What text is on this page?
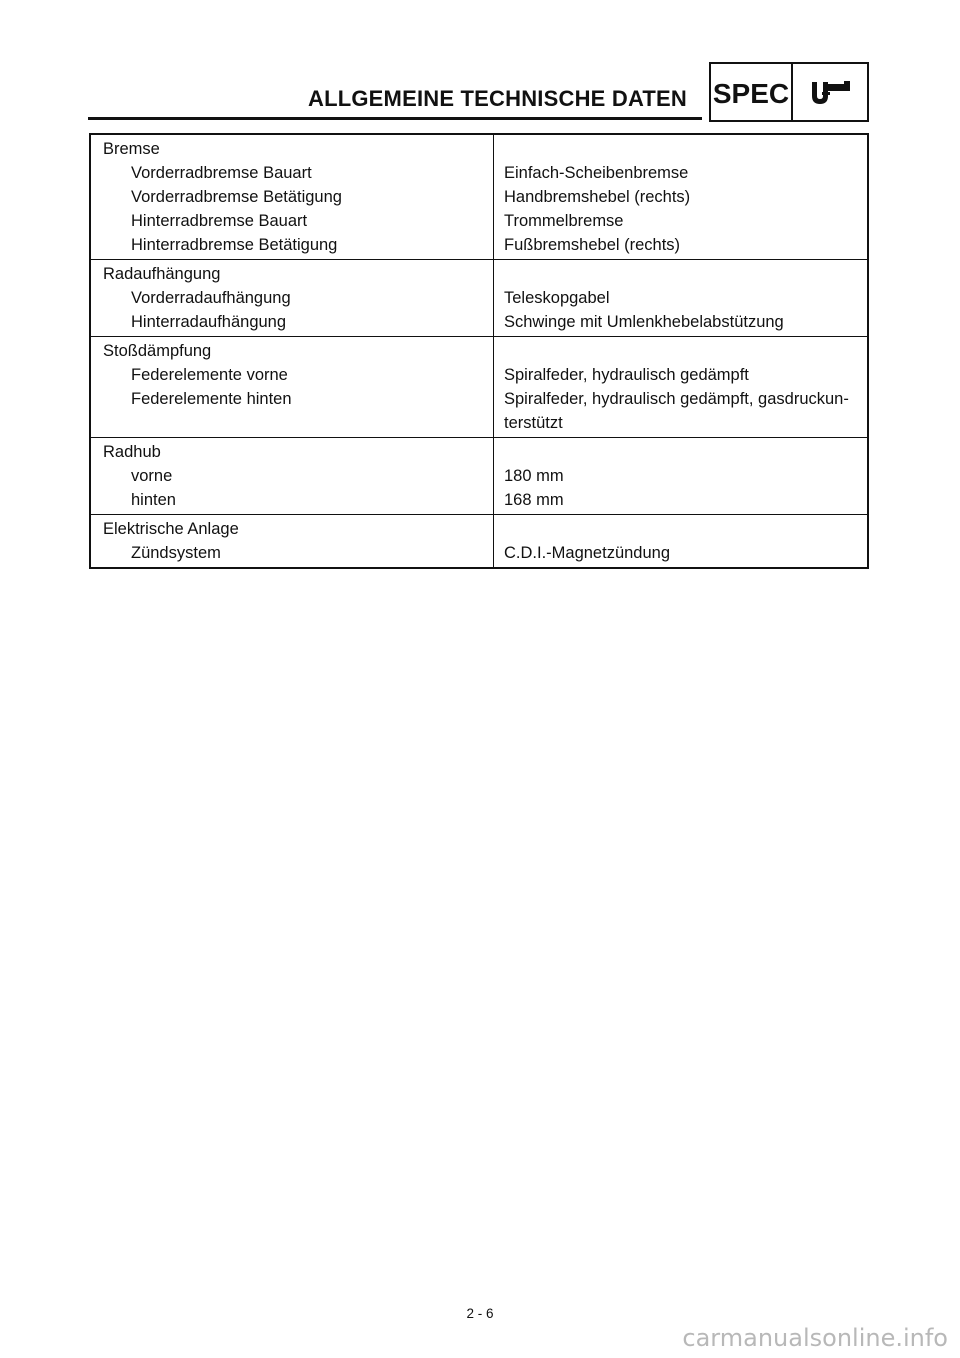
ALLGEMEINE TECHNISCHE DATEN SPEC
Bremse	
Vorderradbremse Bauart	Einfach-Scheibenbremse
Vorderradbremse Betätigung	Handbremshebel (rechts)
Hinterradbremse Bauart	Trommelbremse
Hinterradbremse Betätigung	Fußbremshebel (rechts)
Radaufhängung	
Vorderradaufhängung	Teleskopgabel
Hinterradaufhängung	Schwinge mit Umlenkhebelabstützung
Stoßdämpfung	
Federelemente vorne	Spiralfeder, hydraulisch gedämpft
Federelemente hinten	Spiralfeder, hydraulisch gedämpft, gasdruckun-
terstützt
Radhub	
vorne	180 mm
hinten	168 mm
Elektrische Anlage	
Zündsystem	C.D.I.-Magnetzündung
2 - 6
carmanualsonline.info
